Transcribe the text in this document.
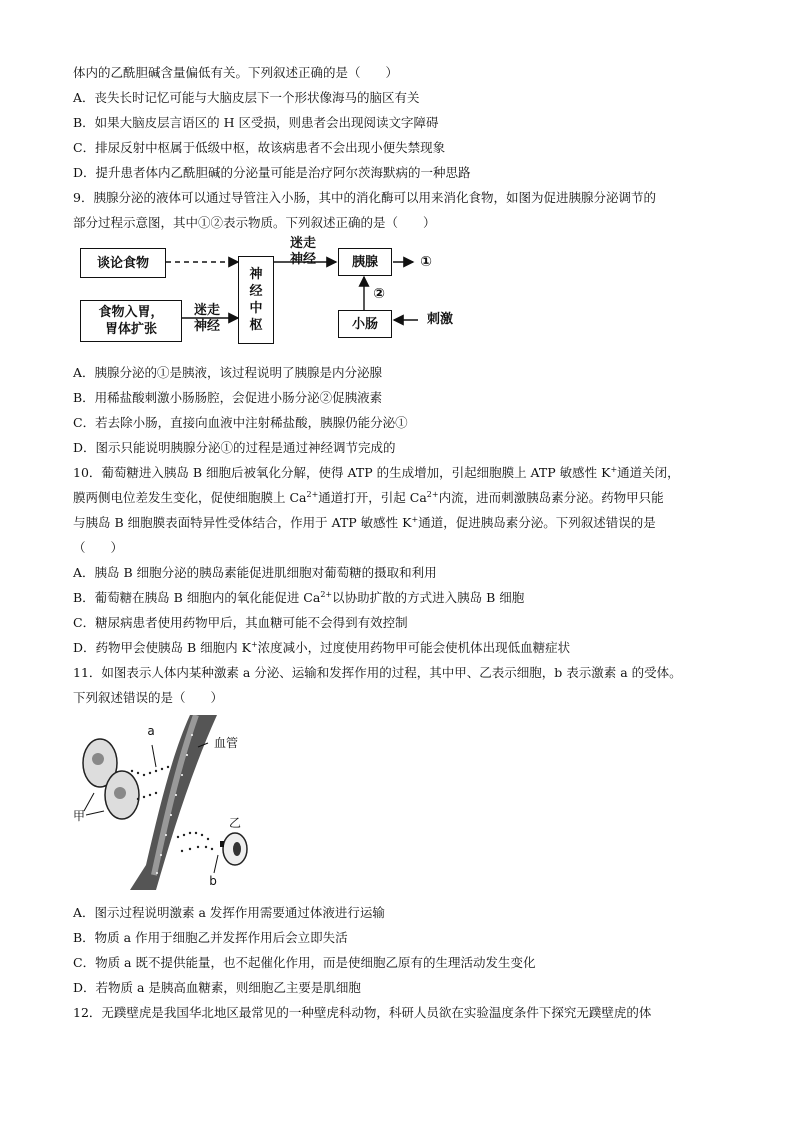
体内的乙酰胆碱含量偏低有关。下列叙述正确的是（　　）
A．丧失长时记忆可能与大脑皮层下一个形状像海马的脑区有关
B．如果大脑皮层言语区的 H 区受损，则患者会出现阅读文字障碍
C．排尿反射中枢属于低级中枢，故该病患者不会出现小便失禁现象
D．提升患者体内乙酰胆碱的分泌量可能是治疗阿尔茨海默病的一种思路
9．胰腺分泌的液体可以通过导管注入小肠，其中的消化酶可以用来消化食物，如图为促进胰腺分泌调节的
部分过程示意图，其中①②表示物质。下列叙述正确的是（　　）
谈论食物
食物入胃，
胃体扩张
神
经
中
枢
迷走
神经
迷走
神经
胰腺	①
②
小肠	刺激
A．胰腺分泌的①是胰液，该过程说明了胰腺是内分泌腺
B．用稀盐酸刺激小肠肠腔，会促进小肠分泌②促胰液素
C．若去除小肠，直接向血液中注射稀盐酸，胰腺仍能分泌①
D．图示只能说明胰腺分泌①的过程是通过神经调节完成的
10．葡萄糖进入胰岛 B 细胞后被氧化分解，使得 ATP 的生成增加，引起细胞膜上 ATP 敏感性 K+通道关闭，
膜两侧电位差发生变化，促使细胞膜上 $Ca^{2+}$通道打开，引起 $Ca^{2+}$内流，进而刺激胰岛素分泌。药物甲只能
与胰岛 B 细胞膜表面特异性受体结合，作用于 ATP 敏感性 K+通道，促进胰岛素分泌。下列叙述错误的是
（　　）
A．胰岛 B 细胞分泌的胰岛素能促进肌细胞对葡萄糖的摄取和利用
B．葡萄糖在胰岛 B 细胞内的氧化能促进 $Ca^{2+}$以协助扩散的方式进入胰岛 B 细胞
C．糖尿病患者使用药物甲后，其血糖可能不会得到有效控制
D．药物甲会使胰岛 B 细胞内 K+浓度减小，过度使用药物甲可能会使机体出现低血糖症状
11．如图表示人体内某种激素 a 分泌、运输和发挥作用的过程，其中甲、乙表示细胞，b 表示激素 a 的受体。
下列叙述错误的是（　　）
a
血管
甲	乙
b
A．图示过程说明激素 a 发挥作用需要通过体液进行运输
B．物质 a 作用于细胞乙并发挥作用后会立即失活
C．物质 a 既不提供能量，也不起催化作用，而是使细胞乙原有的生理活动发生变化
D．若物质 a 是胰高血糖素，则细胞乙主要是肌细胞
12．无蹼壁虎是我国华北地区最常见的一种壁虎科动物，科研人员欲在实验温度条件下探究无蹼壁虎的体
